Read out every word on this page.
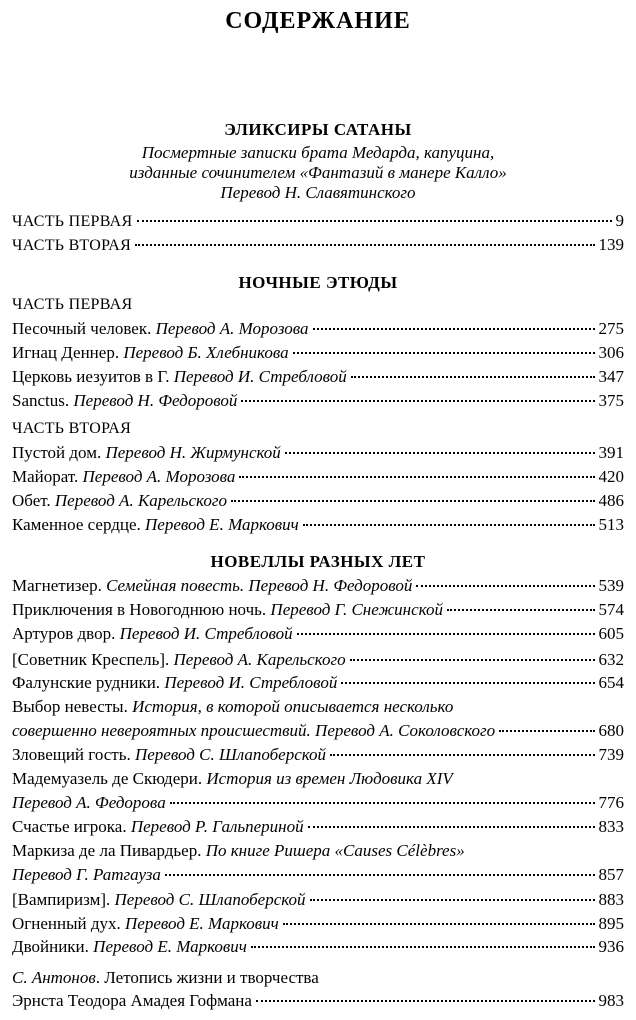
СОДЕРЖАНИЕ
ЭЛИКСИРЫ САТАНЫ
Посмертные записки брата Медарда, капуцина,
изданные сочинителем «Фантазий в манере Калло»
Перевод Н. Славятинского
ЧАСТЬ ПЕРВАЯ	9
ЧАСТЬ ВТОРАЯ	139
НОЧНЫЕ ЭТЮДЫ
ЧАСТЬ ПЕРВАЯ
Песочный человек. Перевод А. Морозова	275
Игнац Деннер. Перевод Б. Хлебникова	306
Церковь иезуитов в Г. Перевод И. Стребловой	347
Sanctus. Перевод Н. Федоровой	375
ЧАСТЬ ВТОРАЯ
Пустой дом. Перевод Н. Жирмунской	391
Майорат. Перевод А. Морозова	420
Обет. Перевод А. Карельского	486
Каменное сердце. Перевод Е. Маркович	513
НОВЕЛЛЫ РАЗНЫХ ЛЕТ
Магнетизер. Семейная повесть. Перевод Н. Федоровой	539
Приключения в Новогоднюю ночь. Перевод Г. Снежинской	574
Артуров двор. Перевод И. Стребловой	605
[Советник Креспель]. Перевод А. Карельского	632
Фалунские рудники. Перевод И. Стребловой	654
Выбор невесты. История, в которой описывается несколько
совершенно невероятных происшествий. Перевод А. Соколовского	680
Зловещий гость. Перевод С. Шлапоберской	739
Мадемуазель де Скюдери. История из времен Людовика XIV
Перевод А. Федорова	776
Счастье игрока. Перевод Р. Гальпериной	833
Маркиза де ла Пивардьер. По книге Ришера «Causes Célèbres»
Перевод Г. Ратгауза	857
[Вампиризм]. Перевод С. Шлапоберской	883
Огненный дух. Перевод Е. Маркович	895
Двойники. Перевод Е. Маркович	936
С. Антонов. Летопись жизни и творчества
Эрнста Теодора Амадея Гофмана	983
